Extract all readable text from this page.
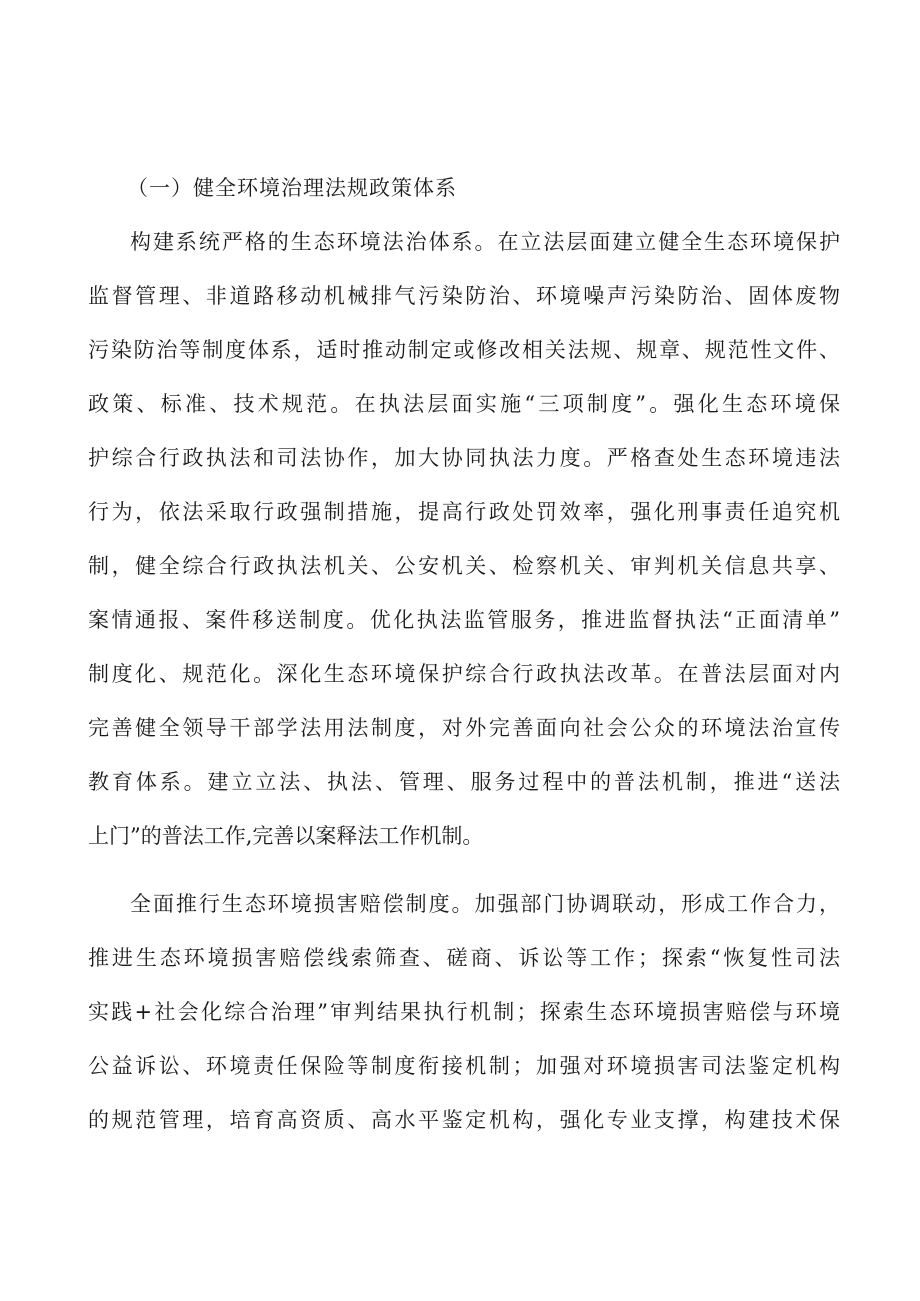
（一）健全环境治理法规政策体系
构建系统严格的生态环境法治体系。在立法层面建立健全生态环境保护
监督管理、非道路移动机械排气污染防治、环境噪声污染防治、固体废物
污染防治等制度体系，适时推动制定或修改相关法规、规章、规范性文件、
政策、标准、技术规范。在执法层面实施“三项制度”。强化生态环境保
护综合行政执法和司法协作，加大协同执法力度。严格查处生态环境违法
行为，依法采取行政强制措施，提高行政处罚效率，强化刑事责任追究机
制，健全综合行政执法机关、公安机关、检察机关、审判机关信息共享、
案情通报、案件移送制度。优化执法监管服务，推进监督执法“正面清单”
制度化、规范化。深化生态环境保护综合行政执法改革。在普法层面对内
完善健全领导干部学法用法制度，对外完善面向社会公众的环境法治宣传
教育体系。建立立法、执法、管理、服务过程中的普法机制，推进“送法
上门”的普法工作,完善以案释法工作机制。
全面推行生态环境损害赔偿制度。加强部门协调联动，形成工作合力，
推进生态环境损害赔偿线索筛查、磋商、诉讼等工作；探索“恢复性司法
实践+社会化综合治理”审判结果执行机制；探索生态环境损害赔偿与环境
公益诉讼、环境责任保险等制度衔接机制；加强对环境损害司法鉴定机构
的规范管理，培育高资质、高水平鉴定机构，强化专业支撑，构建技术保
